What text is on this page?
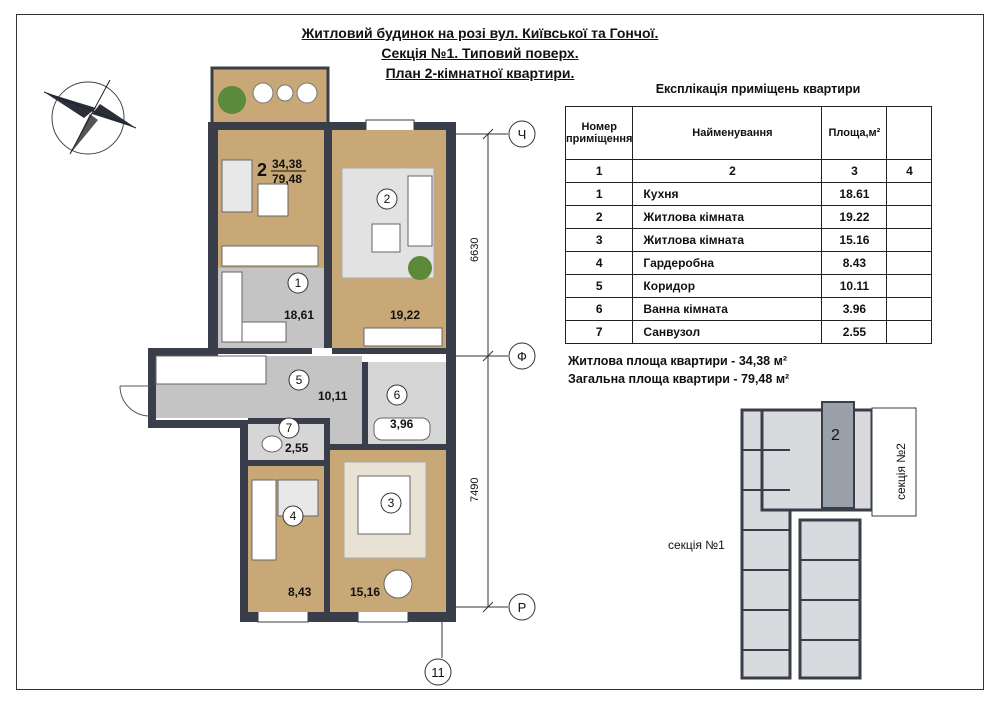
Житловий будинок на розі вул. Київської та Гончої.
Секція №1. Типовий поверх.
План 2-кімнатної квартири.
Ч
Ф
Р
11
6630
7490
2 34,38
79,48
1
2
3
4
5
6
7
18,61	19,22
15,16
8,43
10,11
3,96
2,55
2
секція №2
секція №1
Експлікація приміщень квартири
Номер приміщення	Найменування	Площа,м²	
1	2	3	4
1	Кухня	18.61	
2	Житлова кімната	19.22	
3	Житлова кімната	15.16	
4	Гардеробна	8.43	
5	Коридор	10.11	
6	Ванна кімната	3.96	
7	Санвузол	2.55	
Житлова площа квартири - 34,38 м²
Загальна площа квартири - 79,48 м²
